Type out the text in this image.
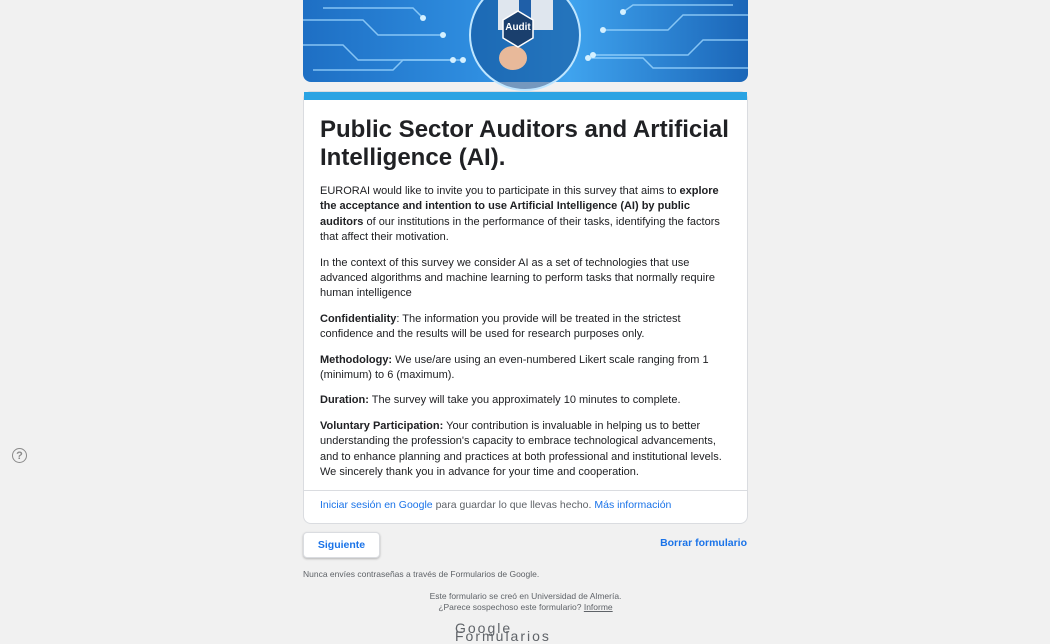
?
Audit
Public Sector Auditors and Artificial Intelligence (AI).

EURORAI would like to invite you to participate in this survey that aims to explore the acceptance and intention to use Artificial Intelligence (AI) by public auditors of our institutions in the performance of their tasks, identifying the factors that affect their motivation.

In the context of this survey we consider AI as a set of technologies that use advanced algorithms and machine learning to perform tasks that normally require human intelligence

Confidentiality: The information you provide will be treated in the strictest confidence and the results will be used for research purposes only.

Methodology: We use/are using an even-numbered Likert scale ranging from 1 (minimum) to 6 (maximum).

Duration: The survey will take you approximately 10 minutes to complete.

Voluntary Participation: Your contribution is invaluable in helping us to better understanding the profession's capacity to embrace technological advancements, and to enhance planning and practices at both professional and institutional levels. We sincerely thank you in advance for your time and cooperation.

Iniciar sesión en Google para guardar lo que llevas hecho. Más información
Siguiente	Borrar formulario
Nunca envíes contraseñas a través de Formularios de Google.
Este formulario se creó en Universidad de Almería.
¿Parece sospechoso este formulario? Informe
Google Formularios
